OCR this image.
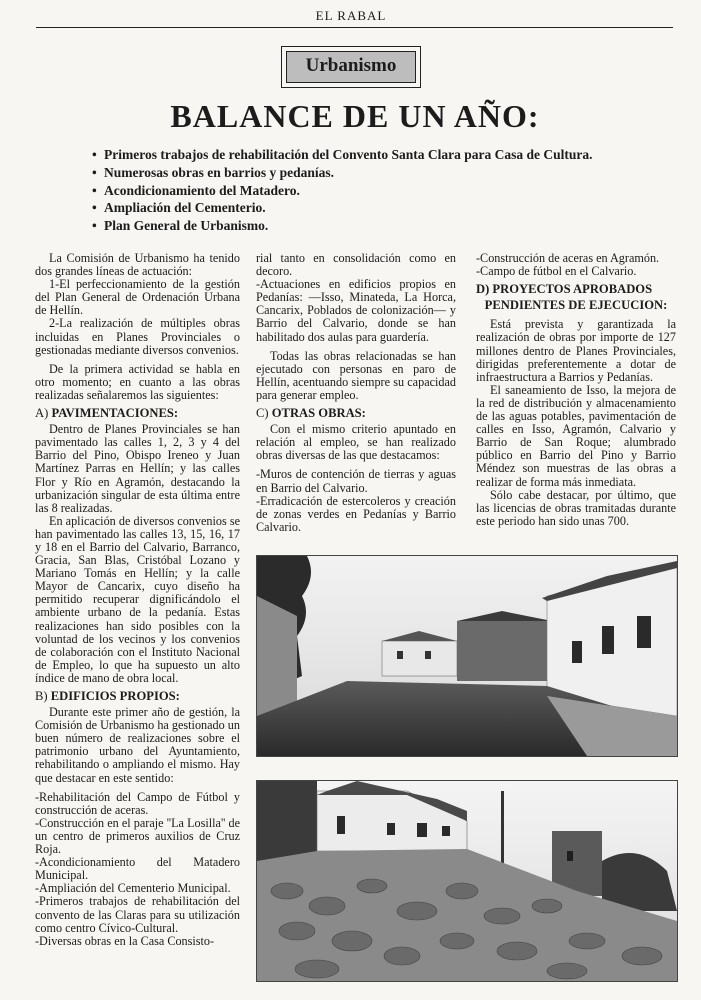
EL RABAL
Urbanismo
BALANCE DE UN AÑO:
• Primeros trabajos de rehabilitación del Convento Santa Clara para Casa de Cultura.
• Numerosas obras en barrios y pedanías.
• Acondicionamiento del Matadero.
• Ampliación del Cementerio.
• Plan General de Urbanismo.

La Comisión de Urbanismo ha tenido dos grandes líneas de actuación:

1-El perfeccionamiento de la gestión del Plan General de Ordenación Urbana de Hellín.

2-La realización de múltiples obras incluidas en Planes Provinciales o gestionadas mediante diversos convenios.

De la primera actividad se habla en otro momento; en cuanto a las obras realizadas señalaremos las siguientes:

A) PAVIMENTACIONES:

Dentro de Planes Provinciales se han pavimentado las calles 1, 2, 3 y 4 del Barrio del Pino, Obispo Ireneo y Juan Martínez Parras en Hellín; y las calles Flor y Río en Agramón, destacando la urbanización singular de esta última entre las 8 realizadas.

En aplicación de diversos convenios se han pavimentado las calles 13, 15, 16, 17 y 18 en el Barrio del Calvario, Barranco, Gracia, San Blas, Cristóbal Lozano y Mariano Tomás en Hellín; y la calle Mayor de Cancarix, cuyo diseño ha permitido recuperar dignificándolo el ambiente urbano de la pedanía. Estas realizaciones han sido posibles con la voluntad de los vecinos y los convenios de colaboración con el Instituto Nacional de Empleo, lo que ha supuesto un alto índice de mano de obra local.

B) EDIFICIOS PROPIOS:

Durante este primer año de gestión, la Comisión de Urbanismo ha gestionado un buen número de realizaciones sobre el patrimonio urbano del Ayuntamiento, rehabilitando o ampliando el mismo. Hay que destacar en este sentido:

-Rehabilitación del Campo de Fútbol y construcción de aceras.

-Construcción en el paraje ''La Losilla'' de un centro de primeros auxilios de Cruz Roja.

-Acondicionamiento del Matadero Municipal.

-Ampliación del Cementerio Municipal.

-Primeros trabajos de rehabilitación del convento de las Claras para su utilización como centro Cívico-Cultural.

-Diversas obras en la Casa Consisto-

rial tanto en consolidación como en decoro.

-Actuaciones en edificios propios en Pedanías: —Isso, Minateda, La Horca, Cancarix, Poblados de colonización— y Barrio del Calvario, donde se han habilitado dos aulas para guardería.

Todas las obras relacionadas se han ejecutado con personas en paro de Hellín, acentuando siempre su capacidad para generar empleo.

C) OTRAS OBRAS:

Con el mismo criterio apuntado en relación al empleo, se han realizado obras diversas de las que destacamos:

-Muros de contención de tierras y aguas en Barrio del Calvario.

-Erradicación de estercoleros y creación de zonas verdes en Pedanías y Barrio Calvario.

-Construcción de aceras en Agramón.

-Campo de fútbol en el Calvario.

D) PROYECTOS APROBADOS
PENDIENTES DE EJECUCION:

Está prevista y garantizada la realización de obras por importe de 127 millones dentro de Planes Provinciales, dirigidas preferentemente a dotar de infraestructura a Barrios y Pedanías.

El saneamiento de Isso, la mejora de la red de distribución y almacenamiento de las aguas potables, pavimentación de calles en Isso, Agramón, Calvario y Barrio de San Roque; alumbrado público en Barrio del Pino y Barrio Méndez son muestras de las obras a realizar de forma más inmediata.

Sólo cabe destacar, por último, que las licencias de obras tramitadas durante este periodo han sido unas 700.
